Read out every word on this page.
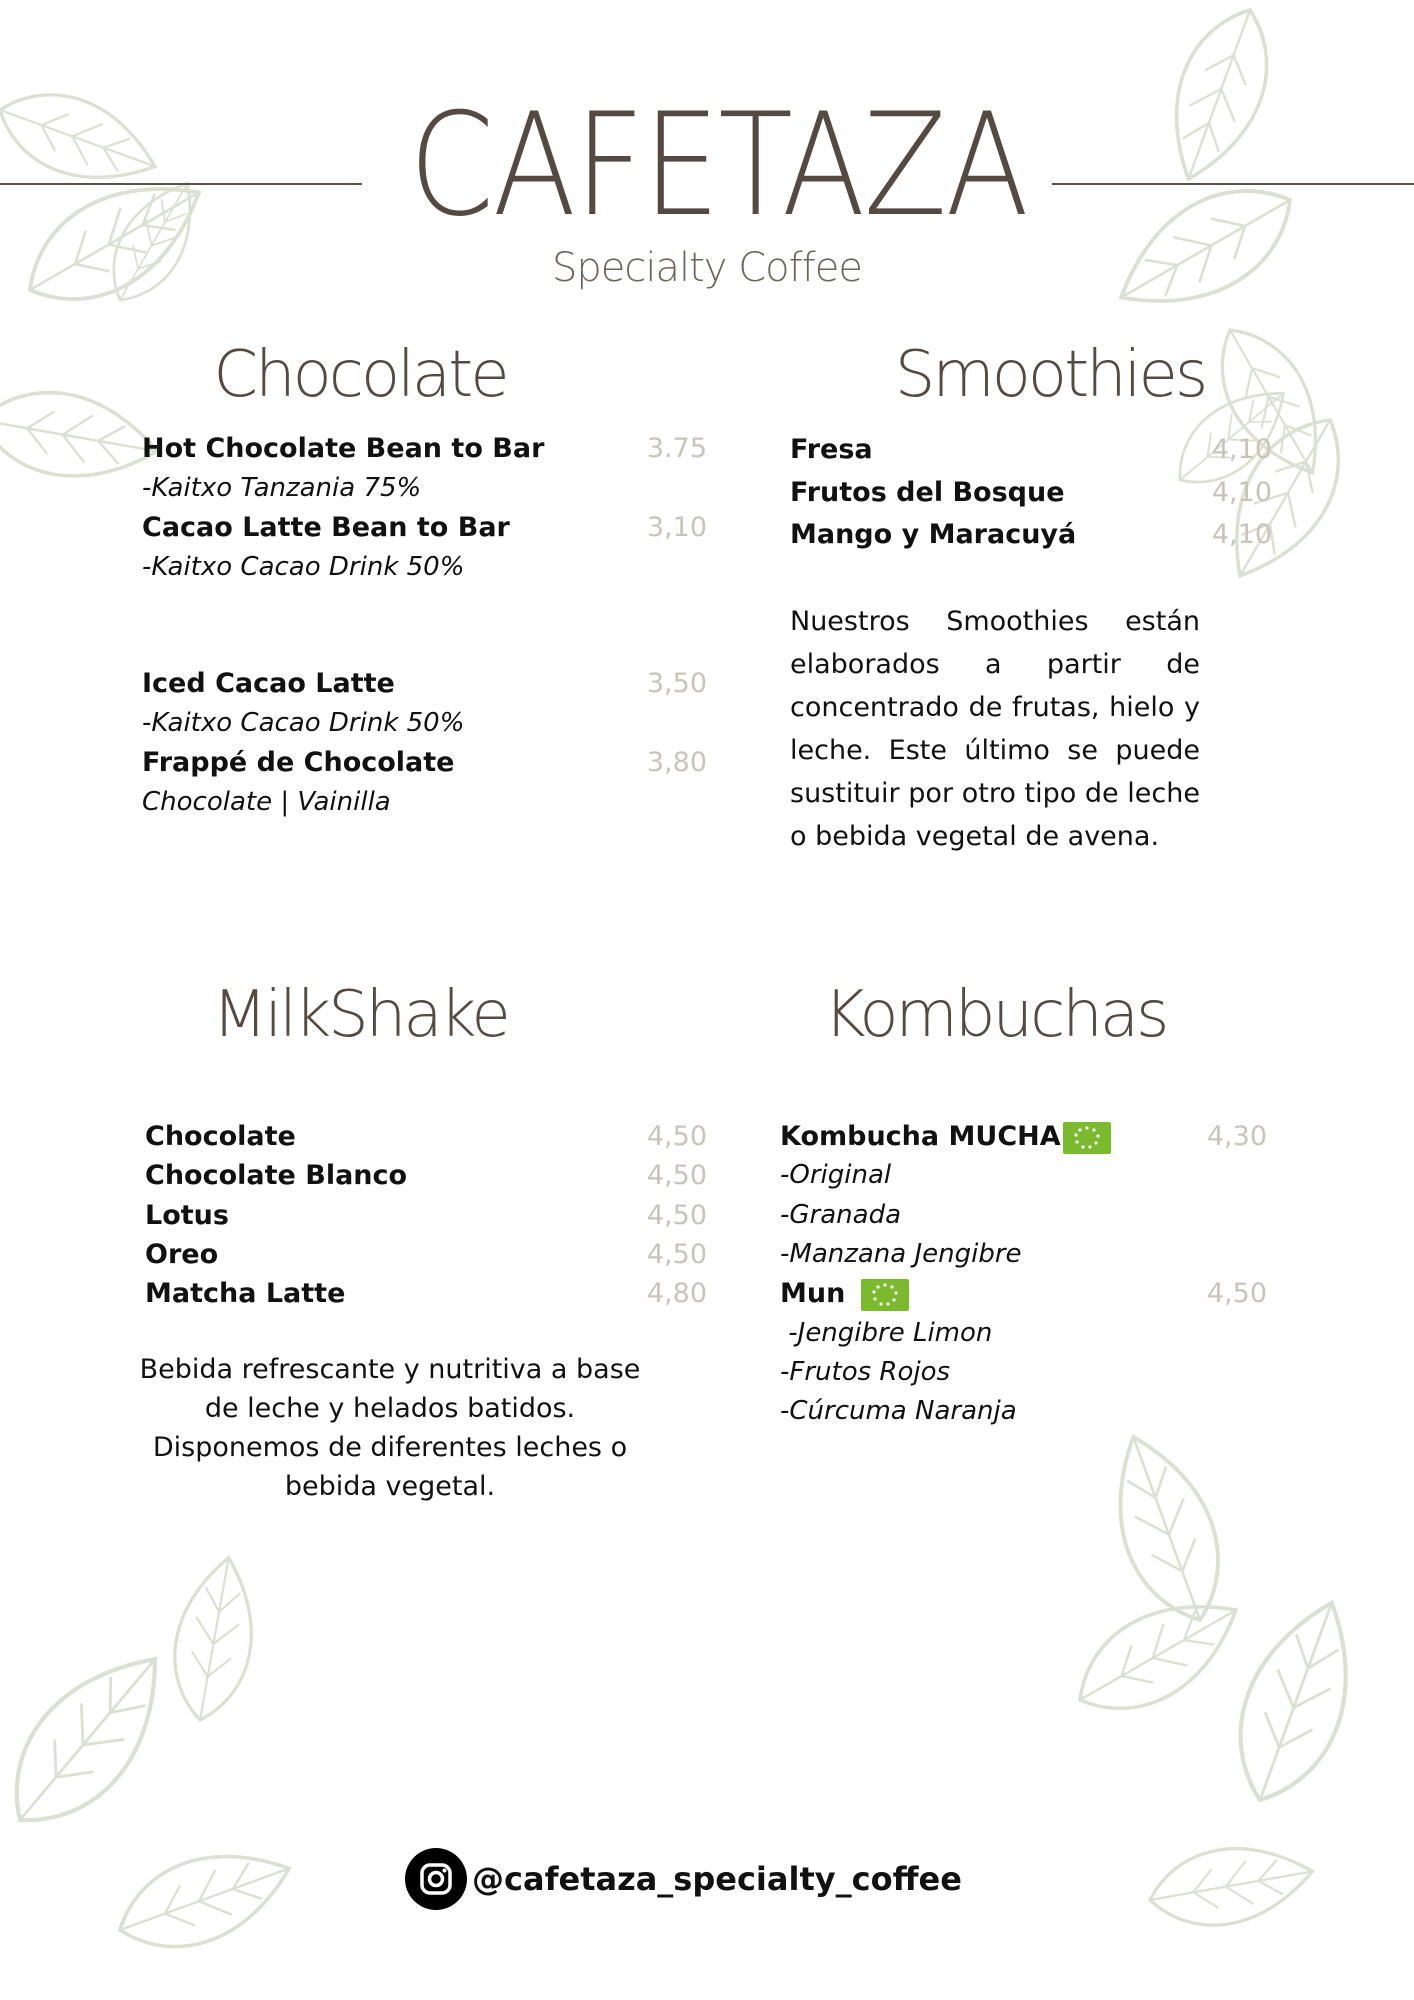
CAFETAZA
Specialty Coffee
Chocolate
Hot Chocolate Bean to Bar	3.75
-Kaitxo Tanzania 75%
Cacao Latte Bean to Bar	3,10
-Kaitxo Cacao Drink 50%
Iced Cacao Latte	3,50
-Kaitxo Cacao Drink 50%
Frappé de Chocolate	3,80
Chocolate | Vainilla
Smoothies
Fresa	4,10
Frutos del Bosque	4,10
Mango y Maracuyá	4,10
Nuestros Smoothies están elaborados a partir de concentrado de frutas, hielo y leche. Este último se puede sustituir por otro tipo de leche o bebida vegetal de avena.
MilkShake
Chocolate	4,50
Chocolate Blanco	4,50
Lotus	4,50
Oreo	4,50
Matcha Latte	4,80
Bebida refrescante y nutritiva a base
de leche y helados batidos.
Disponemos de diferentes leches o
bebida vegetal.
Kombuchas
Kombucha MUCHA	4,30
-Original
-Granada
-Manzana Jengibre
Mun	4,50
-Jengibre Limon
-Frutos Rojos
-Cúrcuma Naranja
@cafetaza_specialty_coffee
